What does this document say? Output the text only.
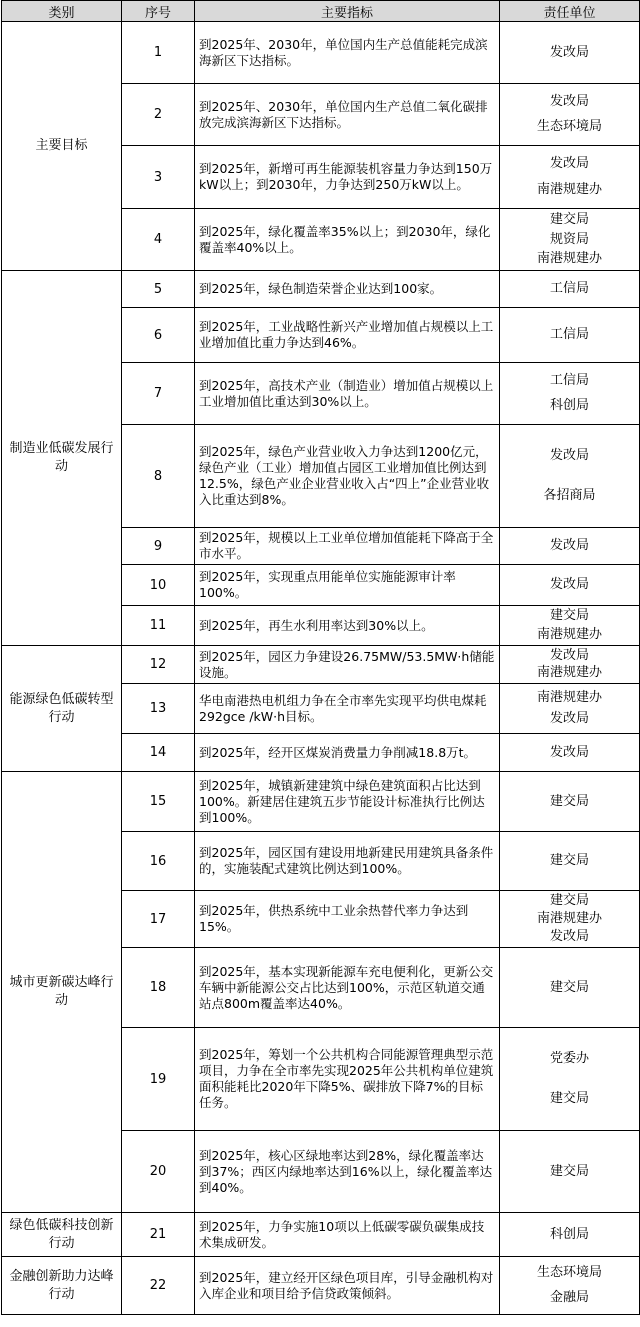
类别	序号	主要指标	责任单位
主要目标	1	到2025年、2030年，单位国内生产总值能耗完成滨海新区下达指标。	发改局

	2	到2025年、2030年，单位国内生产总值二氧化碳排放完成滨海新区下达指标。	发改局
生态环境局

	3	到2025年，新增可再生能源装机容量力争达到150万kW以上；到2030年，力争达到250万kW以上。	发改局
南港规建办

	4	到2025年，绿化覆盖率35%以上；到2030年，绿化覆盖率40%以上。	建交局
规资局
南港规建办

制造业低碳发展行动	5	到2025年，绿色制造荣誉企业达到100家。	工信局

	6	到2025年，工业战略性新兴产业增加值占规模以上工业增加值比重力争达到46%。	工信局

	7	到2025年，高技术产业（制造业）增加值占规模以上工业增加值比重达到30%以上。	工信局
科创局

	8	到2025年，绿色产业营业收入力争达到1200亿元，绿色产业（工业）增加值占园区工业增加值比例达到12.5%，绿色产业企业营业收入占“四上”企业营业收入比重达到8%。	发改局
各招商局

	9	到2025年，规模以上工业单位增加值能耗下降高于全市水平。	发改局

	10	到2025年，实现重点用能单位实施能源审计率100%。	发改局

	11	到2025年，再生水利用率达到30%以上。	建交局
南港规建办

能源绿色低碳转型行动	12	到2025年，园区力争建设26.75MW/53.5MW·h储能设施。	发改局
南港规建办

	13	华电南港热电机组力争在全市率先实现平均供电煤耗292gce /kW·h目标。	南港规建办
发改局

	14	到2025年，经开区煤炭消费量力争削减18.8万t。	发改局

城市更新碳达峰行动	15	到2025年，城镇新建建筑中绿色建筑面积占比达到100%。新建居住建筑五步节能设计标准执行比例达到100%。	建交局

	16	到2025年，园区国有建设用地新建民用建筑具备条件的，实施装配式建筑比例达到100%。	建交局

	17	到2025年，供热系统中工业余热替代率力争达到15%。	建交局
南港规建办
发改局

	18	到2025年，基本实现新能源车充电便利化，更新公交车辆中新能源公交占比达到100%，示范区轨道交通站点800m覆盖率达40%。	建交局

	19	到2025年，筹划一个公共机构合同能源管理典型示范项目，力争在全市率先实现2025年公共机构单位建筑面积能耗比2020年下降5%、碳排放下降7%的目标任务。	党委办
建交局

	20	到2025年，核心区绿地率达到28%，绿化覆盖率达到37%；西区内绿地率达到16%以上，绿化覆盖率达到40%。	建交局

绿色低碳科技创新行动	21	到2025年，力争实施10项以上低碳零碳负碳集成技术集成研发。	科创局

金融创新助力达峰行动	22	到2025年，建立经开区绿色项目库，引导金融机构对入库企业和项目给予信贷政策倾斜。	生态环境局
金融局
